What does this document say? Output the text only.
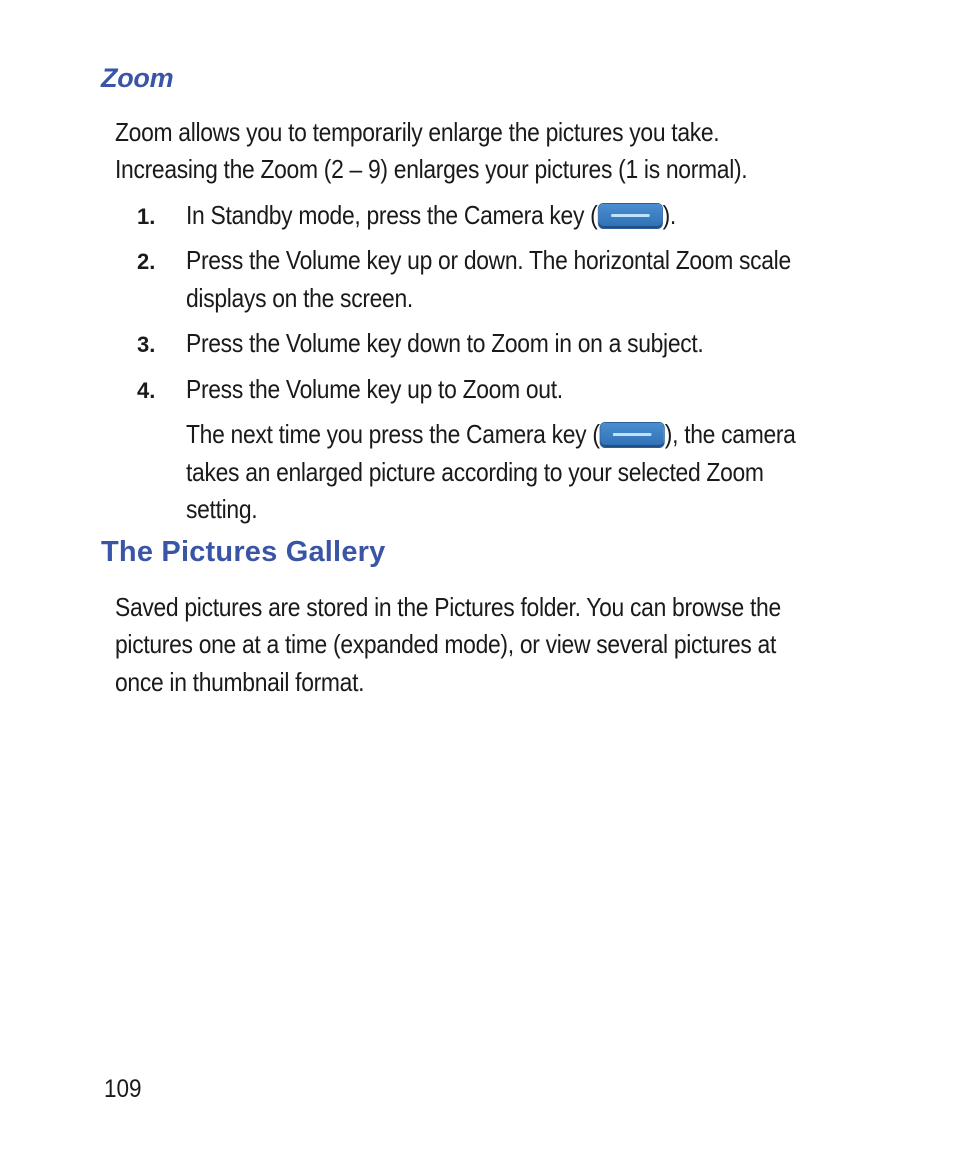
Zoom

Zoom allows you to temporarily enlarge the pictures you take.

Increasing the Zoom (2 – 9) enlarges your pictures (1 is normal).

1. In Standby mode, press the Camera key (	).

2. Press the Volume key up or down. The horizontal Zoom scale

displays on the screen.

3. Press the Volume key down to Zoom in on a subject.

4. Press the Volume key up to Zoom out.

The next time you press the Camera key (	), the camera

takes an enlarged picture according to your selected Zoom

setting.

The Pictures Gallery

Saved pictures are stored in the Pictures folder. You can browse the

pictures one at a time (expanded mode), or view several pictures at

once in thumbnail format.

109
